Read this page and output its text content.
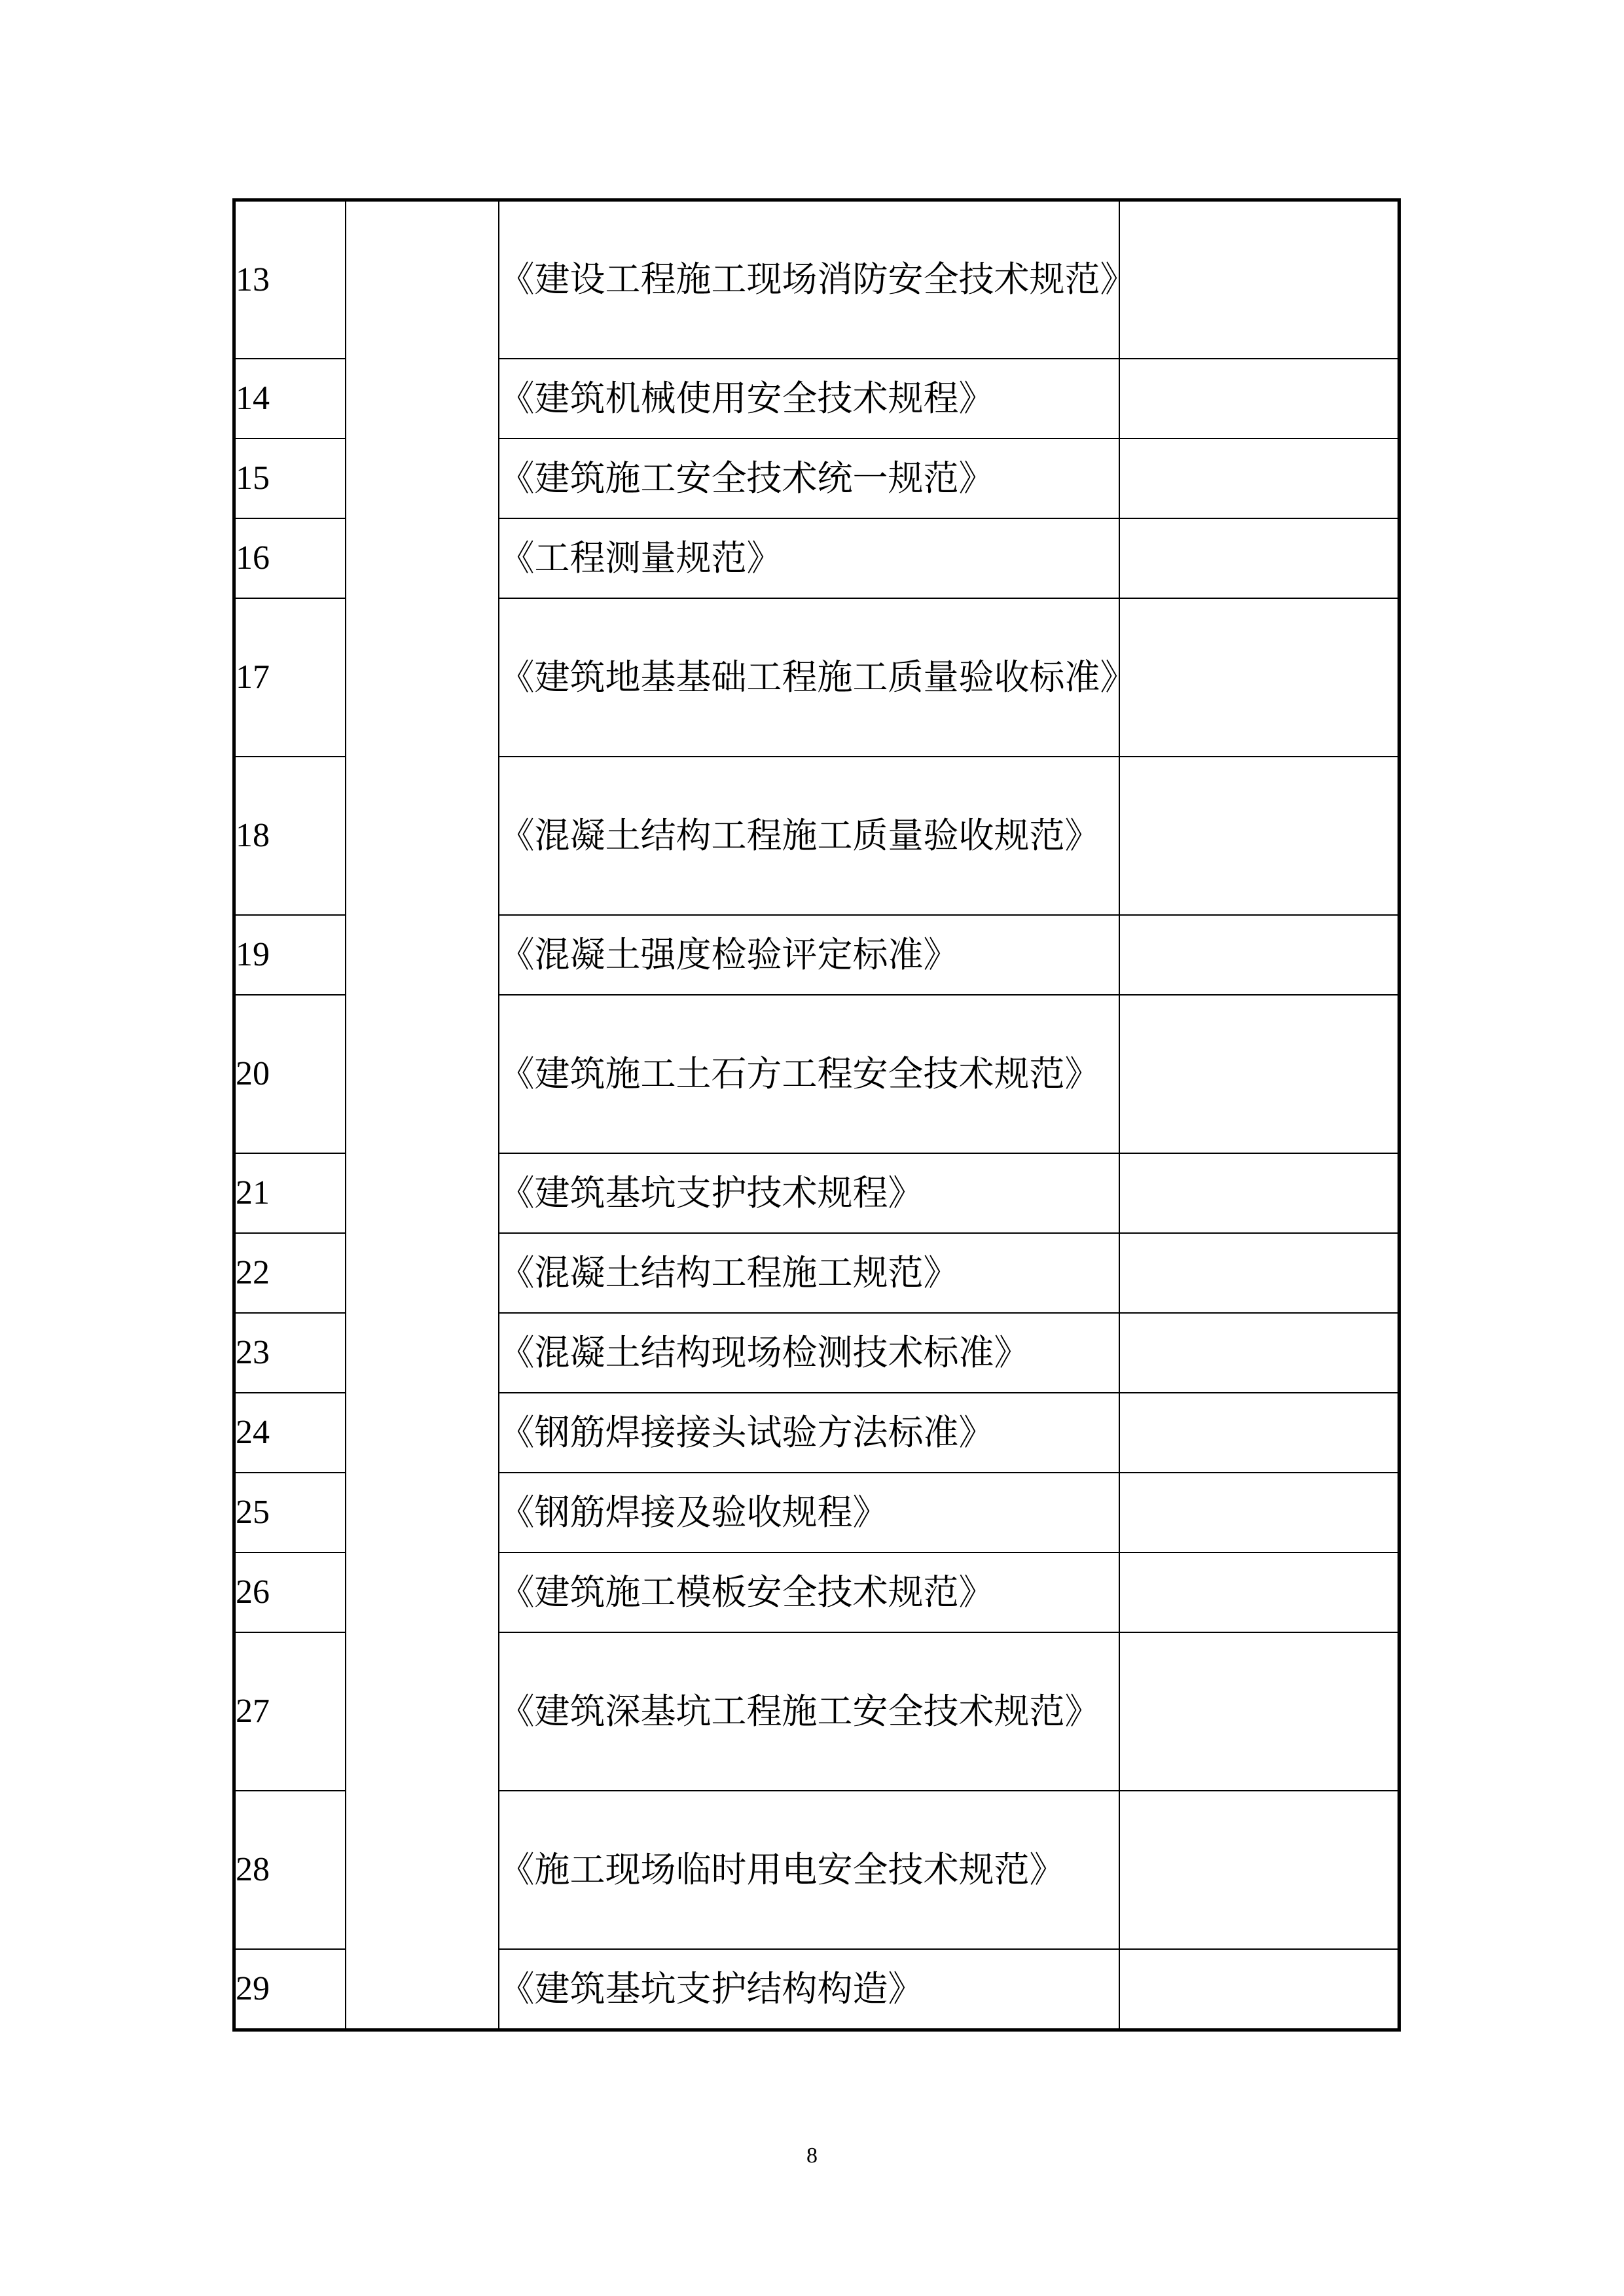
13		《建设工程施工现场消防安全技术规范》	
14		《建筑机械使用安全技术规程》	
15		《建筑施工安全技术统一规范》	
16		《工程测量规范》	
17		《建筑地基基础工程施工质量验收标准》	
18		《混凝土结构工程施工质量验收规范》	
19		《混凝土强度检验评定标准》	
20		《建筑施工土石方工程安全技术规范》	
21		《建筑基坑支护技术规程》	
22		《混凝土结构工程施工规范》	
23		《混凝土结构现场检测技术标准》	
24		《钢筋焊接接头试验方法标准》	
25		《钢筋焊接及验收规程》	
26		《建筑施工模板安全技术规范》	
27		《建筑深基坑工程施工安全技术规范》	
28		《施工现场临时用电安全技术规范》	
29		《建筑基坑支护结构构造》	
8
